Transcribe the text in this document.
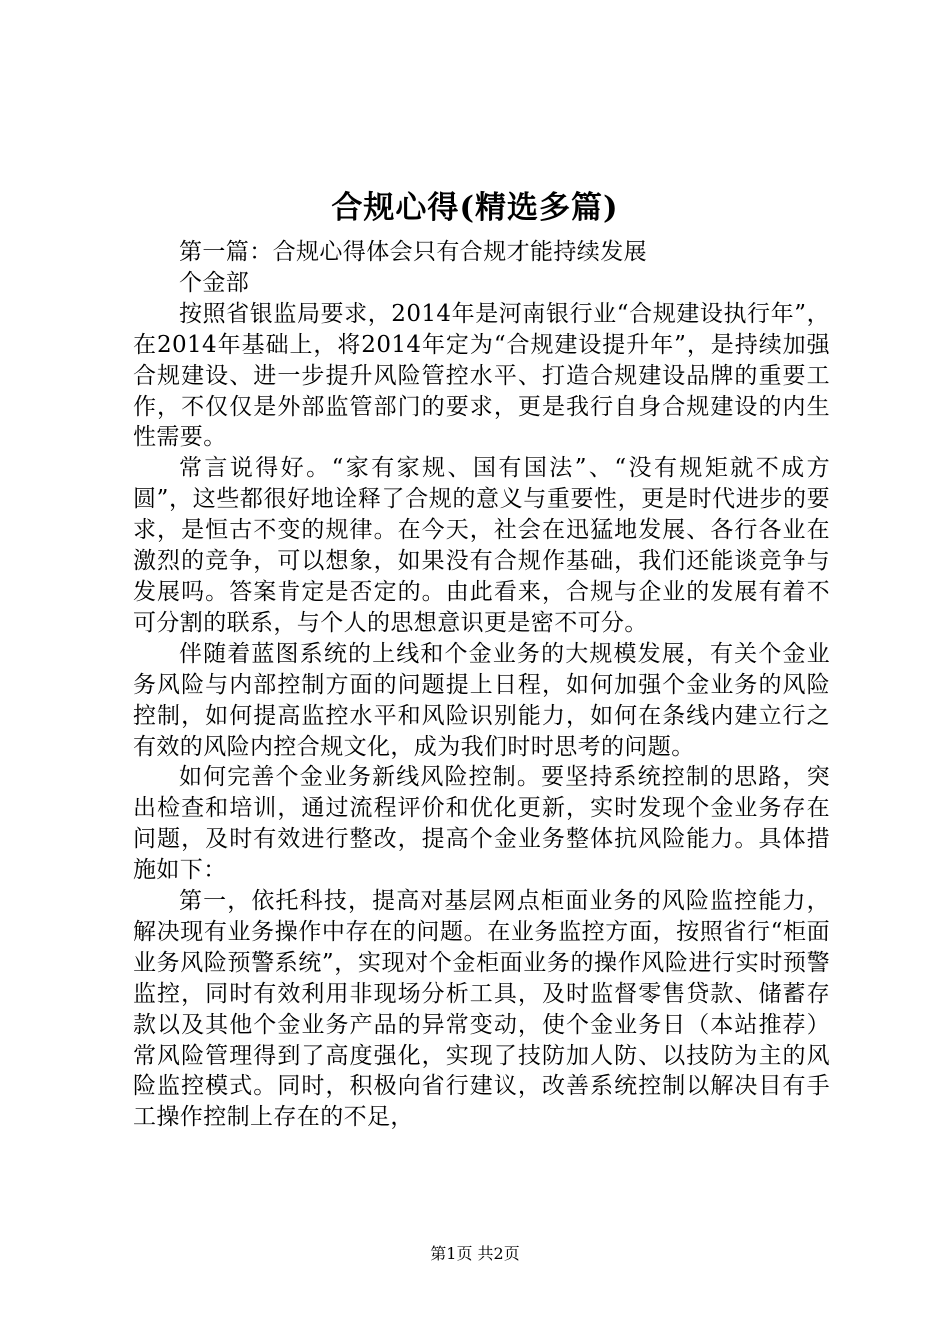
合规心得(精选多篇)

第一篇：合规心得体会只有合规才能持续发展

个金部

按照省银监局要求，2014年是河南银行业“合规建设执行年”，在2014年基础上，将2014年定为“合规建设提升年”，是持续加强合规建设、进一步提升风险管控水平、打造合规建设品牌的重要工作，不仅仅是外部监管部门的要求，更是我行自身合规建设的内生性需要。

常言说得好。“家有家规、国有国法”、“没有规矩就不成方圆”，这些都很好地诠释了合规的意义与重要性，更是时代进步的要求，是恒古不变的规律。在今天，社会在迅猛地发展、各行各业在激烈的竞争，可以想象，如果没有合规作基础，我们还能谈竞争与发展吗。答案肯定是否定的。由此看来，合规与企业的发展有着不可分割的联系，与个人的思想意识更是密不可分。

伴随着蓝图系统的上线和个金业务的大规模发展，有关个金业务风险与内部控制方面的问题提上日程，如何加强个金业务的风险控制，如何提高监控水平和风险识别能力，如何在条线内建立行之有效的风险内控合规文化，成为我们时时思考的问题。

如何完善个金业务新线风险控制。要坚持系统控制的思路，突出检查和培训，通过流程评价和优化更新，实时发现个金业务存在问题，及时有效进行整改，提高个金业务整体抗风险能力。具体措施如下：

第一，依托科技，提高对基层网点柜面业务的风险监控能力，解决现有业务操作中存在的问题。在业务监控方面，按照省行“柜面业务风险预警系统”，实现对个金柜面业务的操作风险进行实时预警监控，同时有效利用非现场分析工具，及时监督零售贷款、储蓄存款以及其他个金业务产品的异常变动，使个金业务日（本站推荐）常风险管理得到了高度强化，实现了技防加人防、以技防为主的风险监控模式。同时，积极向省行建议，改善系统控制以解决目有手工操作控制上存在的不足，

第1页 共2页
